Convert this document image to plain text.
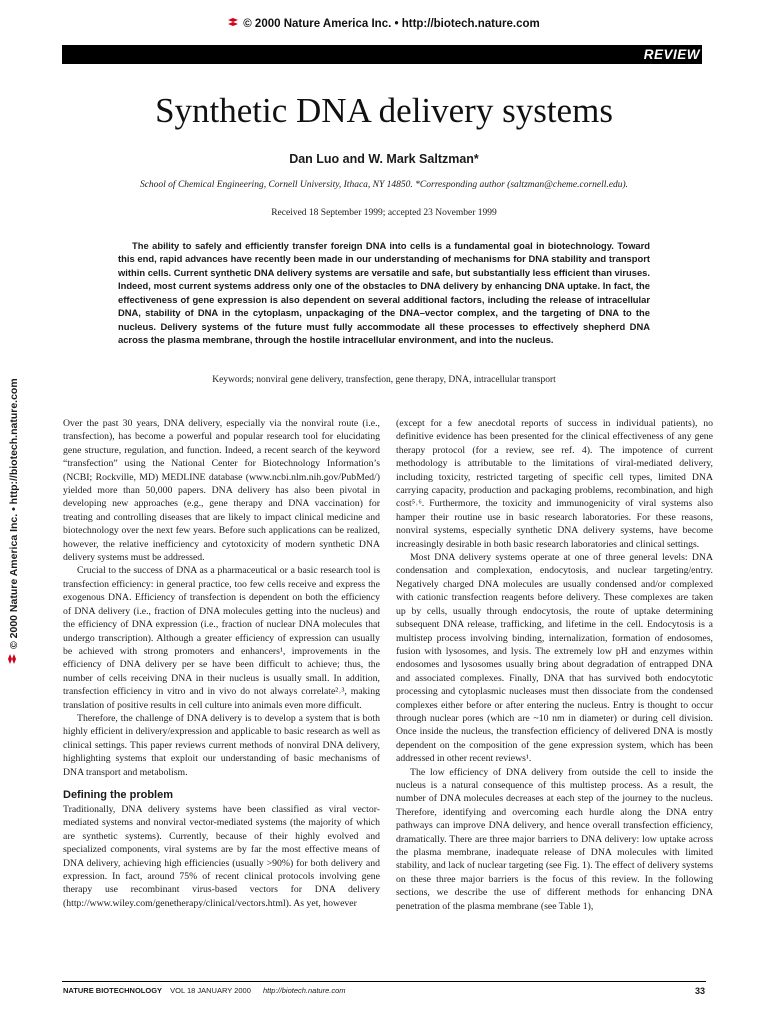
© 2000 Nature America Inc. • http://biotech.nature.com
REVIEW
Synthetic DNA delivery systems
Dan Luo and W. Mark Saltzman*
School of Chemical Engineering, Cornell University, Ithaca, NY 14850. *Corresponding author (saltzman@cheme.cornell.edu).
Received 18 September 1999; accepted 23 November 1999
The ability to safely and efficiently transfer foreign DNA into cells is a fundamental goal in biotechnology. Toward this end, rapid advances have recently been made in our understanding of mechanisms for DNA stability and transport within cells. Current synthetic DNA delivery systems are versatile and safe, but substantially less efficient than viruses. Indeed, most current systems address only one of the obstacles to DNA delivery by enhancing DNA uptake. In fact, the effectiveness of gene expression is also dependent on several additional factors, including the release of intracellular DNA, stability of DNA in the cytoplasm, unpackaging of the DNA–vector complex, and the targeting of DNA to the nucleus. Delivery systems of the future must fully accommodate all these processes to effectively shepherd DNA across the plasma membrane, through the hostile intracellular environment, and into the nucleus.
Keywords; nonviral gene delivery, transfection, gene therapy, DNA, intracellular transport
© 2000 Nature America Inc. • http://biotech.nature.com	Over the past 30 years, DNA delivery, especially via the nonviral route (i.e., transfection), has become a powerful and popular research tool for elucidating gene structure, regulation, and function. Indeed, a recent search of the keyword “transfection” using the National Center for Biotechnology Information’s (NCBI; Rockville, MD) MEDLINE database (www.ncbi.nlm.nih.gov/PubMed/) yielded more than 50,000 papers. DNA delivery has also been pivotal in developing new approaches (e.g., gene therapy and DNA vaccination) for treating and controlling diseases that are likely to impact clinical medicine and biotechnology over the next few years. Before such applications can be realized, however, the relative inefficiency and cytotoxicity of modern synthetic DNA delivery systems must be addressed.

Crucial to the success of DNA as a pharmaceutical or a basic research tool is transfection efficiency: in general practice, too few cells receive and express the exogenous DNA. Efficiency of transfection is dependent on both the efficiency of DNA delivery (i.e., fraction of DNA molecules getting into the nucleus) and the efficiency of DNA expression (i.e., fraction of nuclear DNA molecules that undergo transcription). Although a greater efficiency of expression can usually be achieved with strong promoters and enhancers¹, improvements in the efficiency of DNA delivery per se have been difficult to achieve; thus, the number of cells receiving DNA in their nucleus is usually small. In addition, transfection efficiency in vitro and in vivo do not always correlate²˒³, making translation of positive results in cell culture into animals even more difficult.

Therefore, the challenge of DNA delivery is to develop a system that is both highly efficient in delivery/expression and applicable to basic research as well as clinical settings. This paper reviews current methods of nonviral DNA delivery, highlighting systems that exploit our understanding of basic mechanisms of DNA transport and metabolism.

Defining the problem

Traditionally, DNA delivery systems have been classified as viral vector-mediated systems and nonviral vector-mediated systems (the majority of which are synthetic systems). Currently, because of their highly evolved and specialized components, viral systems are by far the most effective means of DNA delivery, achieving high efficiencies (usually >90%) for both delivery and expression. In fact, around 75% of recent clinical protocols involving gene therapy use recombinant virus-based vectors for DNA delivery (http://www.wiley.com/genetherapy/clinical/vectors.html). As yet, however

(except for a few anecdotal reports of success in individual patients), no definitive evidence has been presented for the clinical effectiveness of any gene therapy protocol (for a review, see ref. 4). The impotence of current methodology is attributable to the limitations of viral-mediated delivery, including toxicity, restricted targeting of specific cell types, limited DNA carrying capacity, production and packaging problems, recombination, and high cost⁵˒⁶. Furthermore, the toxicity and immunogenicity of viral systems also hamper their routine use in basic research laboratories. For these reasons, nonviral systems, especially synthetic DNA delivery systems, have become increasingly desirable in both basic research laboratories and clinical settings.

Most DNA delivery systems operate at one of three general levels: DNA condensation and complexation, endocytosis, and nuclear targeting/entry. Negatively charged DNA molecules are usually condensed and/or complexed with cationic transfection reagents before delivery. These complexes are taken up by cells, usually through endocytosis, the route of uptake determining subsequent DNA release, trafficking, and lifetime in the cell. Endocytosis is a multistep process involving binding, internalization, formation of endosomes, fusion with lysosomes, and lysis. The extremely low pH and enzymes within endosomes and lysosomes usually bring about degradation of entrapped DNA and associated complexes. Finally, DNA that has survived both endocytotic processing and cytoplasmic nucleases must then dissociate from the condensed complexes either before or after entering the nucleus. Entry is thought to occur through nuclear pores (which are ~10 nm in diameter) or during cell division. Once inside the nucleus, the transfection efficiency of delivered DNA is mostly dependent on the composition of the gene expression system, which has been addressed in other recent reviews¹.

The low efficiency of DNA delivery from outside the cell to inside the nucleus is a natural consequence of this multistep process. As a result, the number of DNA molecules decreases at each step of the journey to the nucleus. Therefore, identifying and overcoming each hurdle along the DNA entry pathways can improve DNA delivery, and hence overall transfection efficiency, dramatically. There are three major barriers to DNA delivery: low uptake across the plasma membrane, inadequate release of DNA molecules with limited stability, and lack of nuclear targeting (see Fig. 1). The effect of delivery systems on these three major barriers is the focus of this review. In the following sections, we describe the use of different methods for enhancing DNA penetration of the plasma membrane (see Table 1),

NATURE BIOTECHNOLOGY VOL 18 JANUARY 2000 http://biotech.nature.com	33
